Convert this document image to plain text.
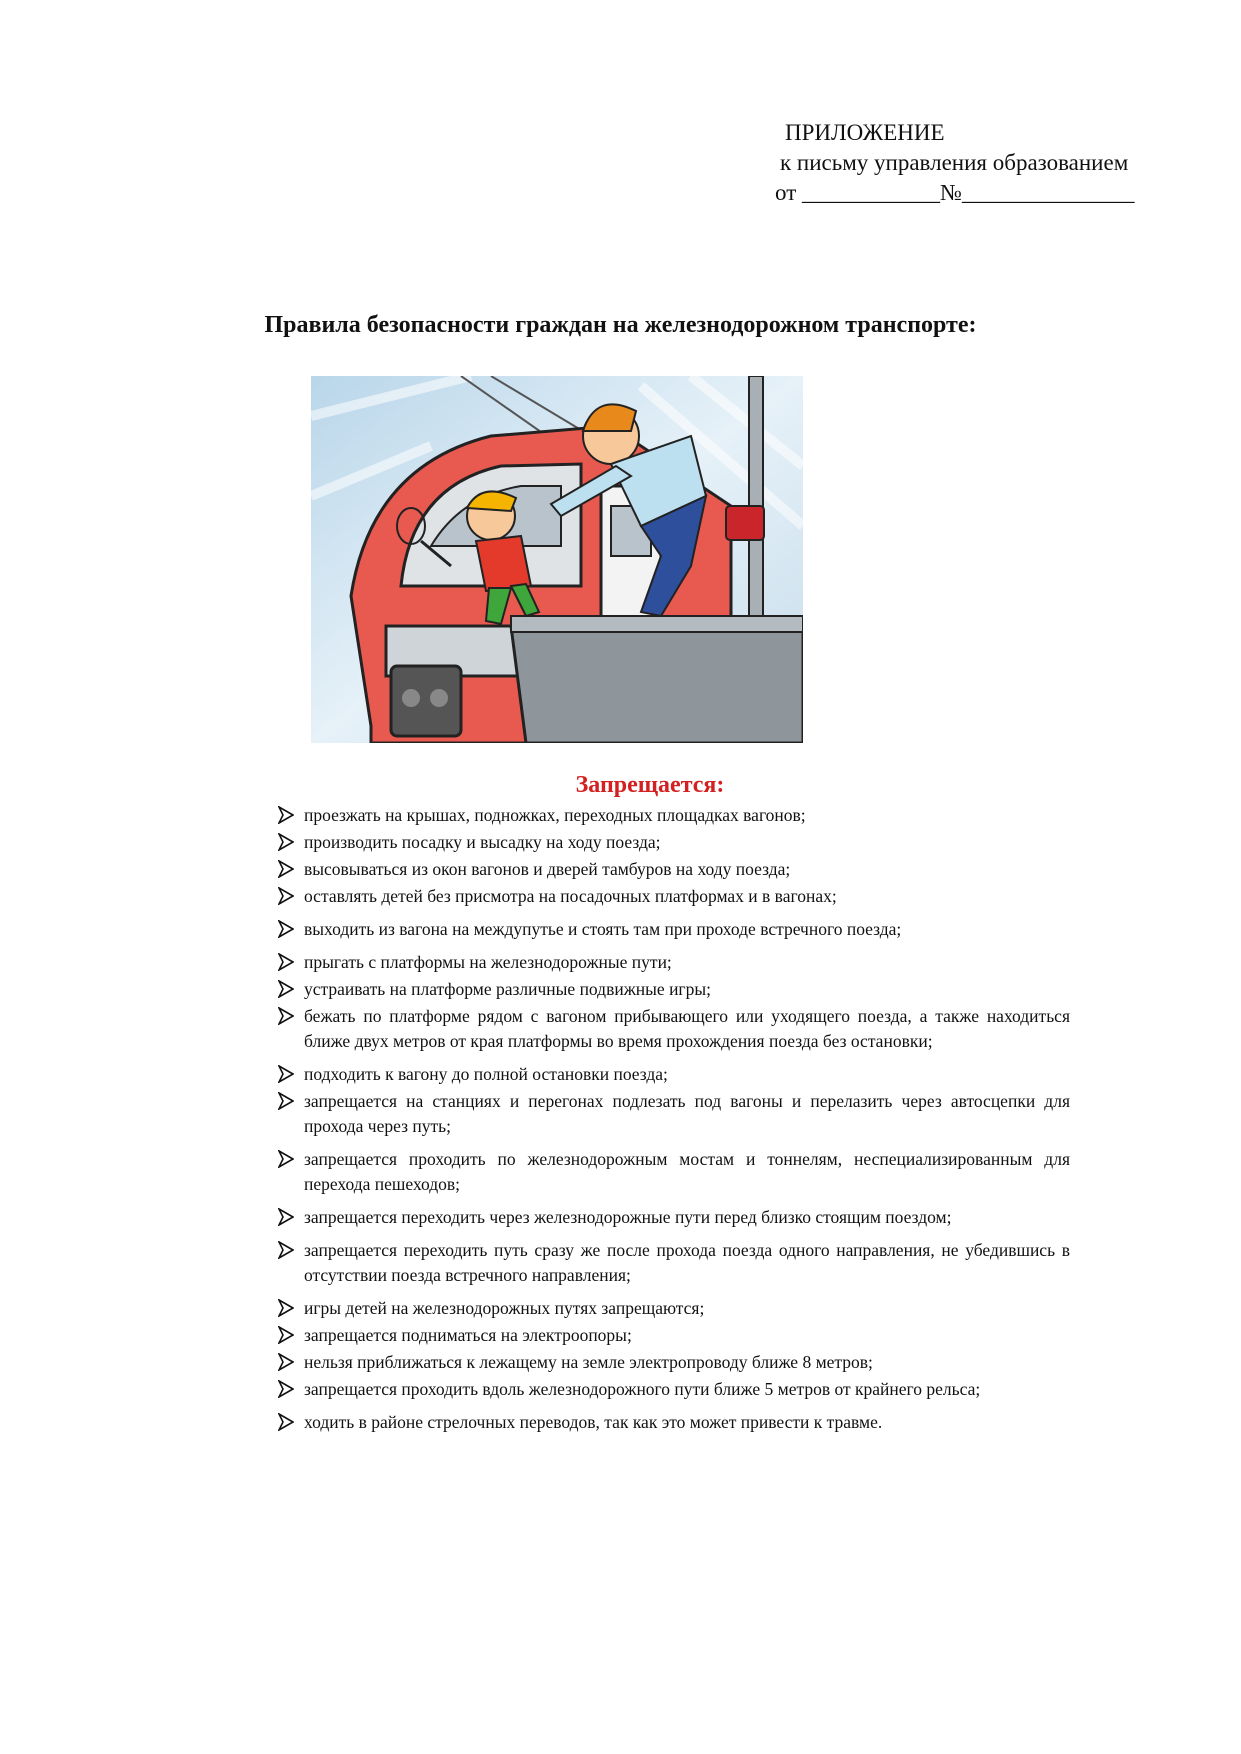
ПРИЛОЖЕНИЕ
к письму управления образованием
от ____________№_______________
Правила безопасности граждан на железнодорожном транспорте:
Запрещается:
проезжать на крышах, подножках, переходных площадках вагонов;
производить посадку и высадку на ходу поезда;
высовываться из окон вагонов и дверей тамбуров на ходу поезда;
оставлять детей без присмотра на посадочных платформах и в вагонах;
выходить из вагона на междупутье и стоять там при проходе встречного поезда;
прыгать с платформы на железнодорожные пути;
устраивать на платформе различные подвижные игры;
бежать по платформе рядом с вагоном прибывающего или уходящего поезда, а также находиться ближе двух метров от края платформы во время прохождения поезда без остановки;
подходить к вагону до полной остановки поезда;
запрещается на станциях и перегонах подлезать под вагоны и перелазить через автосцепки для прохода через путь;
запрещается проходить по железнодорожным мостам и тоннелям, неспециализированным для перехода пешеходов;
запрещается переходить через железнодорожные пути перед близко стоящим поездом;
запрещается переходить путь сразу же после прохода поезда одного направления, не убедившись в отсутствии поезда встречного направления;
игры детей на железнодорожных путях запрещаются;
запрещается подниматься на электроопоры;
нельзя приближаться к лежащему на земле электропроводу ближе 8 метров;
запрещается проходить вдоль железнодорожного пути ближе 5 метров от крайнего рельса;
ходить в районе стрелочных переводов, так как это может привести к травме.
